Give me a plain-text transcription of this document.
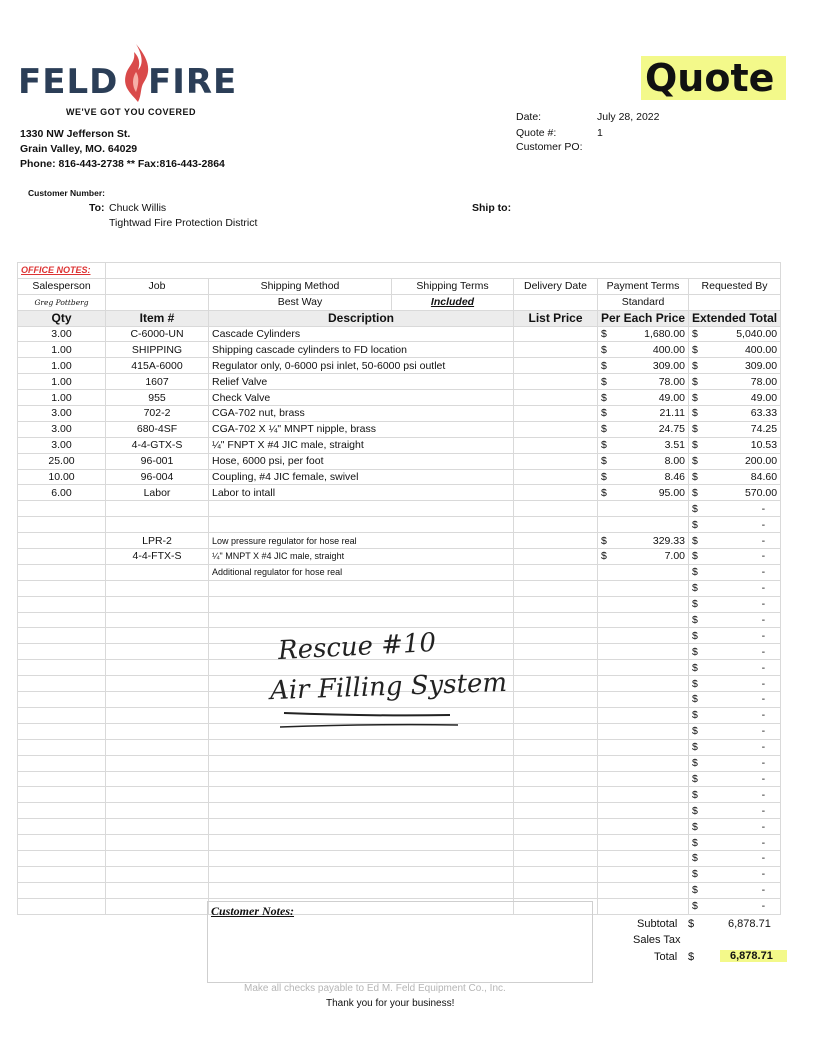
FELD FIRE
WE'VE GOT YOU COVERED
1330 NW Jefferson St.
Grain Valley, MO. 64029
Phone: 816-443-2738 ** Fax:816-443-2864
Quote
Date:	July 28, 2022
Quote #:	1
Customer PO:
Customer Number:
To: Chuck Willis
Tightwad Fire Protection District
Ship to:
OFFICE NOTES:						
Salesperson	Job	Shipping Method	Shipping Terms	Delivery Date	Payment Terms	Requested By
Greg Pottberg		Best Way	Included		Standard	
Qty	Item #	Description		List Price	Per Each Price	Extended Total
3.00	C-6000-UN	Cascade Cylinders			$ 1,680.00	$ 5,040.00

1.00	SHIPPING	Shipping cascade cylinders to FD location			$ 400.00	$ 400.00

1.00	415A-6000	Regulator only, 0-6000 psi inlet, 50-6000 psi outlet			$ 309.00	$ 309.00

1.00	1607	Relief Valve			$ 78.00	$ 78.00

1.00	955	Check Valve			$ 49.00	$ 49.00

3.00	702-2	CGA-702 nut, brass			$ 21.11	$ 63.33

3.00	680-4SF	CGA-702 X ¼" MNPT nipple, brass			$ 24.75	$ 74.25

3.00	4-4-GTX-S	¼" FNPT X #4 JIC male, straight			$ 3.51	$ 10.53

25.00	96-001	Hose, 6000 psi, per foot			$ 8.00	$ 200.00

10.00	96-004	Coupling, #4 JIC female, swivel			$ 8.46	$ 84.60

6.00	Labor	Labor to intall			$ 95.00	$ 570.00

						$ -

						$ -

	LPR-2	Low pressure regulator for hose real			$ 329.33	$ -

	4-4-FTX-S	¼" MNPT X #4 JIC male, straight			$ 7.00	$ -

		Additional regulator for hose real				$ -

						$ -

						$ -

						$ -

						$ -

						$ -

						$ -

						$ -

						$ -

						$ -

						$ -

						$ -

						$ -

						$ -

						$ -

						$ -

						$ -

						$ -

						$ -

						$ -

						$ -

						$ -
Rescue #10
Air Filling System
Customer Notes:
Subtotal $	6,878.71
Sales Tax
Total $	6,878.71
Make all checks payable to Ed M. Feld Equipment Co., Inc.
Thank you for your business!
